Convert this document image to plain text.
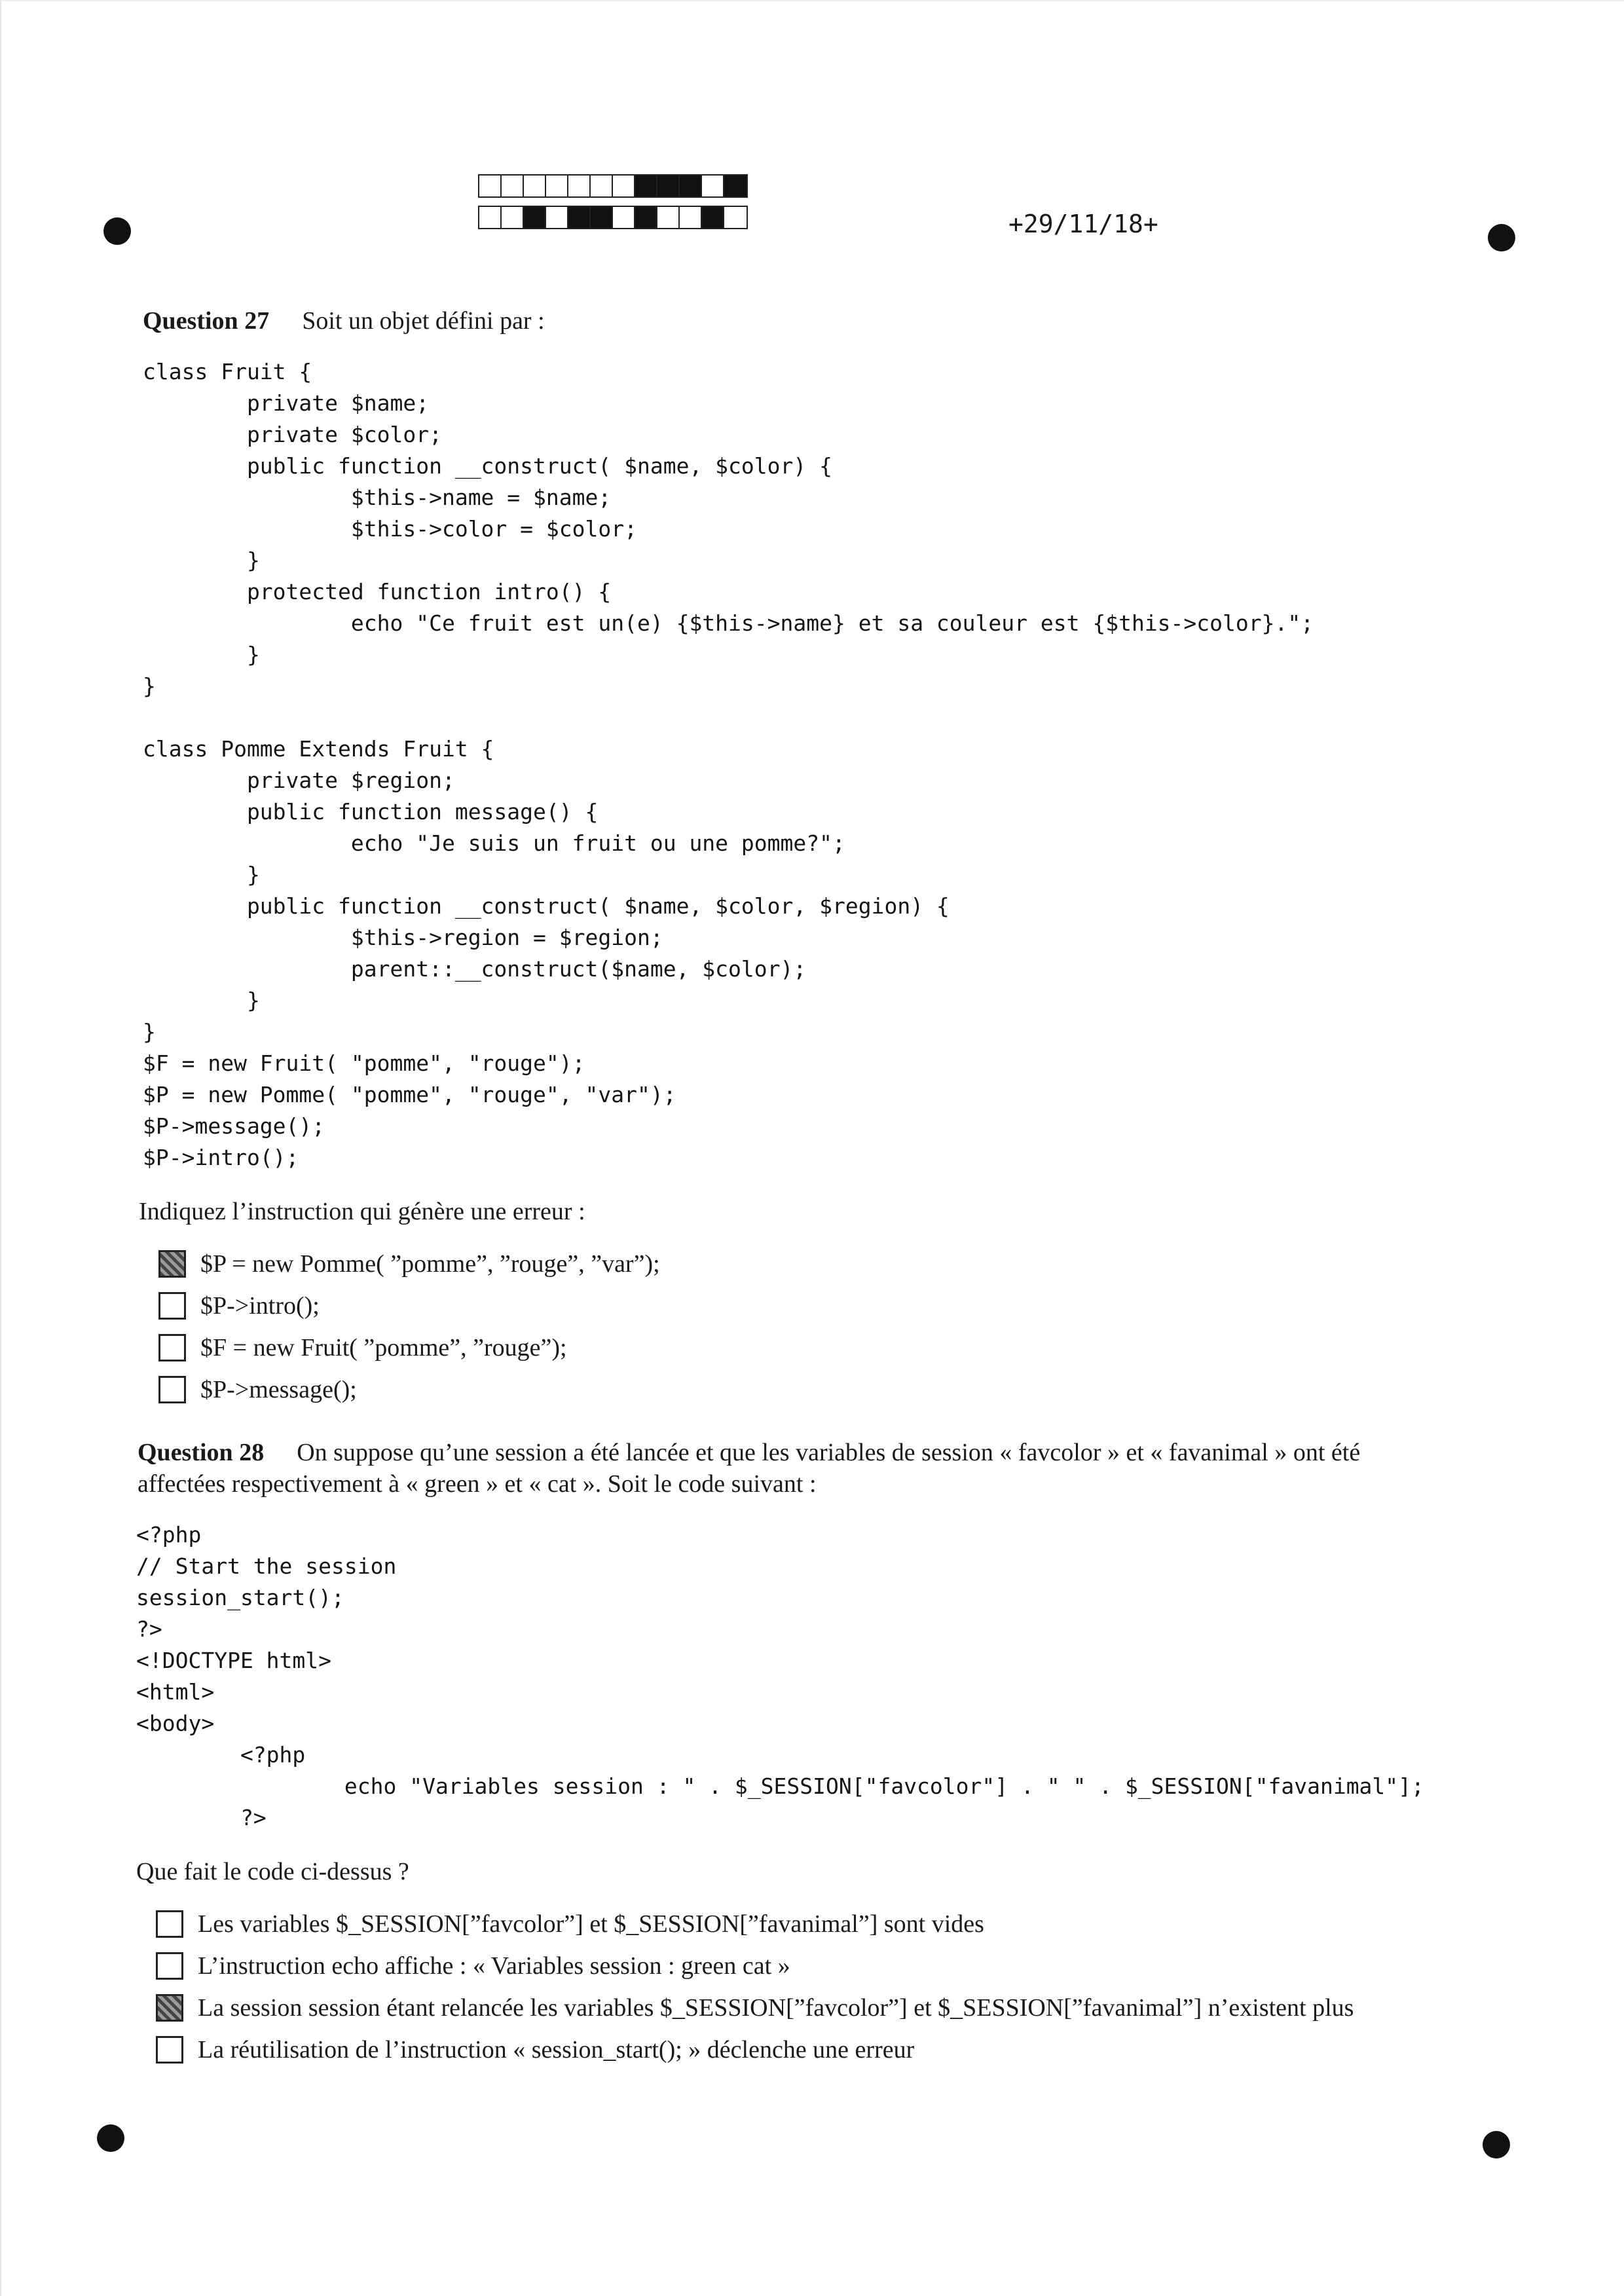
+29/11/18+
Question 27 Soit un objet défini par :
class Fruit {
private $name;
private $color;
public function __construct( $name, $color) {
$this->name = $name;
$this->color = $color;
}
protected function intro() {
echo "Ce fruit est un(e) {$this->name} et sa couleur est {$this->color}.";
}
}

class Pomme Extends Fruit {
private $region;
public function message() {
echo "Je suis un fruit ou une pomme?";
}
public function __construct( $name, $color, $region) {
$this->region = $region;
parent::__construct($name, $color);
}
}
$F = new Fruit( "pomme", "rouge");
$P = new Pomme( "pomme", "rouge", "var");
$P->message();
$P->intro();
Indiquez l’instruction qui génère une erreur :
$P = new Pomme( ”pomme”, ”rouge”, ”var”);
$P->intro();
$F = new Fruit( ”pomme”, ”rouge”);
$P->message();
Question 28 On suppose qu’une session a été lancée et que les variables de session « favcolor » et « favanimal » ont été
affectées respectivement à « green » et « cat ». Soit le code suivant :
<?php
// Start the session
session_start();
?>
<!DOCTYPE html>
<html>
<body>
<?php
echo "Variables session : " . $_SESSION["favcolor"] . " " . $_SESSION["favanimal"];
?>
Que fait le code ci-dessus ?
Les variables $_SESSION[”favcolor”] et $_SESSION[”favanimal”] sont vides
L’instruction echo affiche : « Variables session : green cat »
La session session étant relancée les variables $_SESSION[”favcolor”] et $_SESSION[”favanimal”] n’existent plus
La réutilisation de l’instruction « session_start(); » déclenche une erreur
